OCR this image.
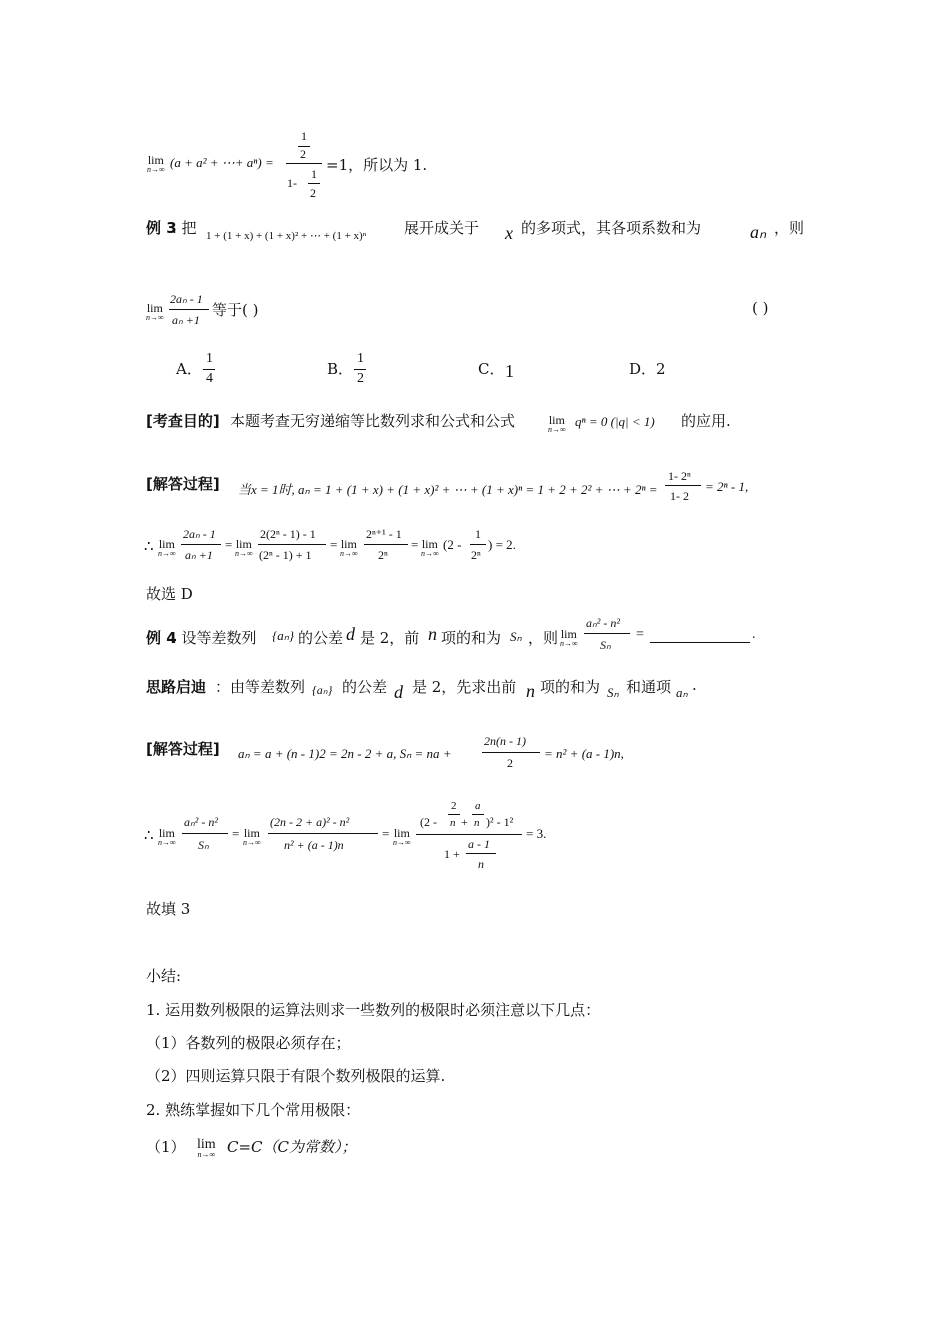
lim
n→∞ (a + a² + ⋯+ aⁿ) =
1
2
1-
1
2
=1，所以为 1.
例 3
. 把 1 + (1 + x) + (1 + x)² + ⋯ + (1 + x)ⁿ	展开成关于 x 的多项式，其各项系数和为	aₙ ，则
lim
n→∞
2aₙ - 1
aₙ +1
等于( )	( )
A．
1
4
B．
1
2
C． 1	D．2
[考查目的] 本题考查无穷递缩等比数列求和公式和公式	lim
n→∞
qⁿ = 0 (|q| < 1) 的应用.
[解答过程] 当x = 1时, aₙ = 1 + (1 + x) + (1 + x)² + ⋯ + (1 + x)ⁿ = 1 + 2 + 2² + ⋯ + 2ⁿ =
1- 2ⁿ
1- 2
= 2ⁿ - 1,
∴ lim
n→∞
2aₙ - 1
aₙ +1
= lim
n→∞
2(2ⁿ - 1) - 1
(2ⁿ - 1) + 1
= lim
n→∞
2ⁿ⁺¹ - 1
2ⁿ
= lim
n→∞
(2 -
1
2ⁿ
) = 2.
故选 D
例 4
. 设等差数列 {aₙ} 的公差 d 是 2，前 n 项的和为 Sₙ ，则 lim
n→∞
aₙ² - n²
Sₙ
=	.
思路启迪 ：由等差数列 {aₙ} 的公差 d 是 2，先求出前 n 项的和为 Sₙ 和通项 aₙ .
[解答过程] aₙ = a + (n - 1)2 = 2n - 2 + a, Sₙ = na +
2n(n - 1)
2
= n² + (a - 1)n,
∴ lim
n→∞
aₙ² - n²
Sₙ
= lim
n→∞
(2n - 2 + a)² - n²
n² + (a - 1)n
= lim
n→∞
(2 -
2
n +
a
n )² - 1²
1 +
a - 1
n
= 3.
故填 3
小结:
1. 运用数列极限的运算法则求一些数列的极限时必须注意以下几点：
（1）各数列的极限必须存在；
（2）四则运算只限于有限个数列极限的运算.
2. 熟练掌握如下几个常用极限：
（1） lim
n→∞ C=C（C为常数）；
